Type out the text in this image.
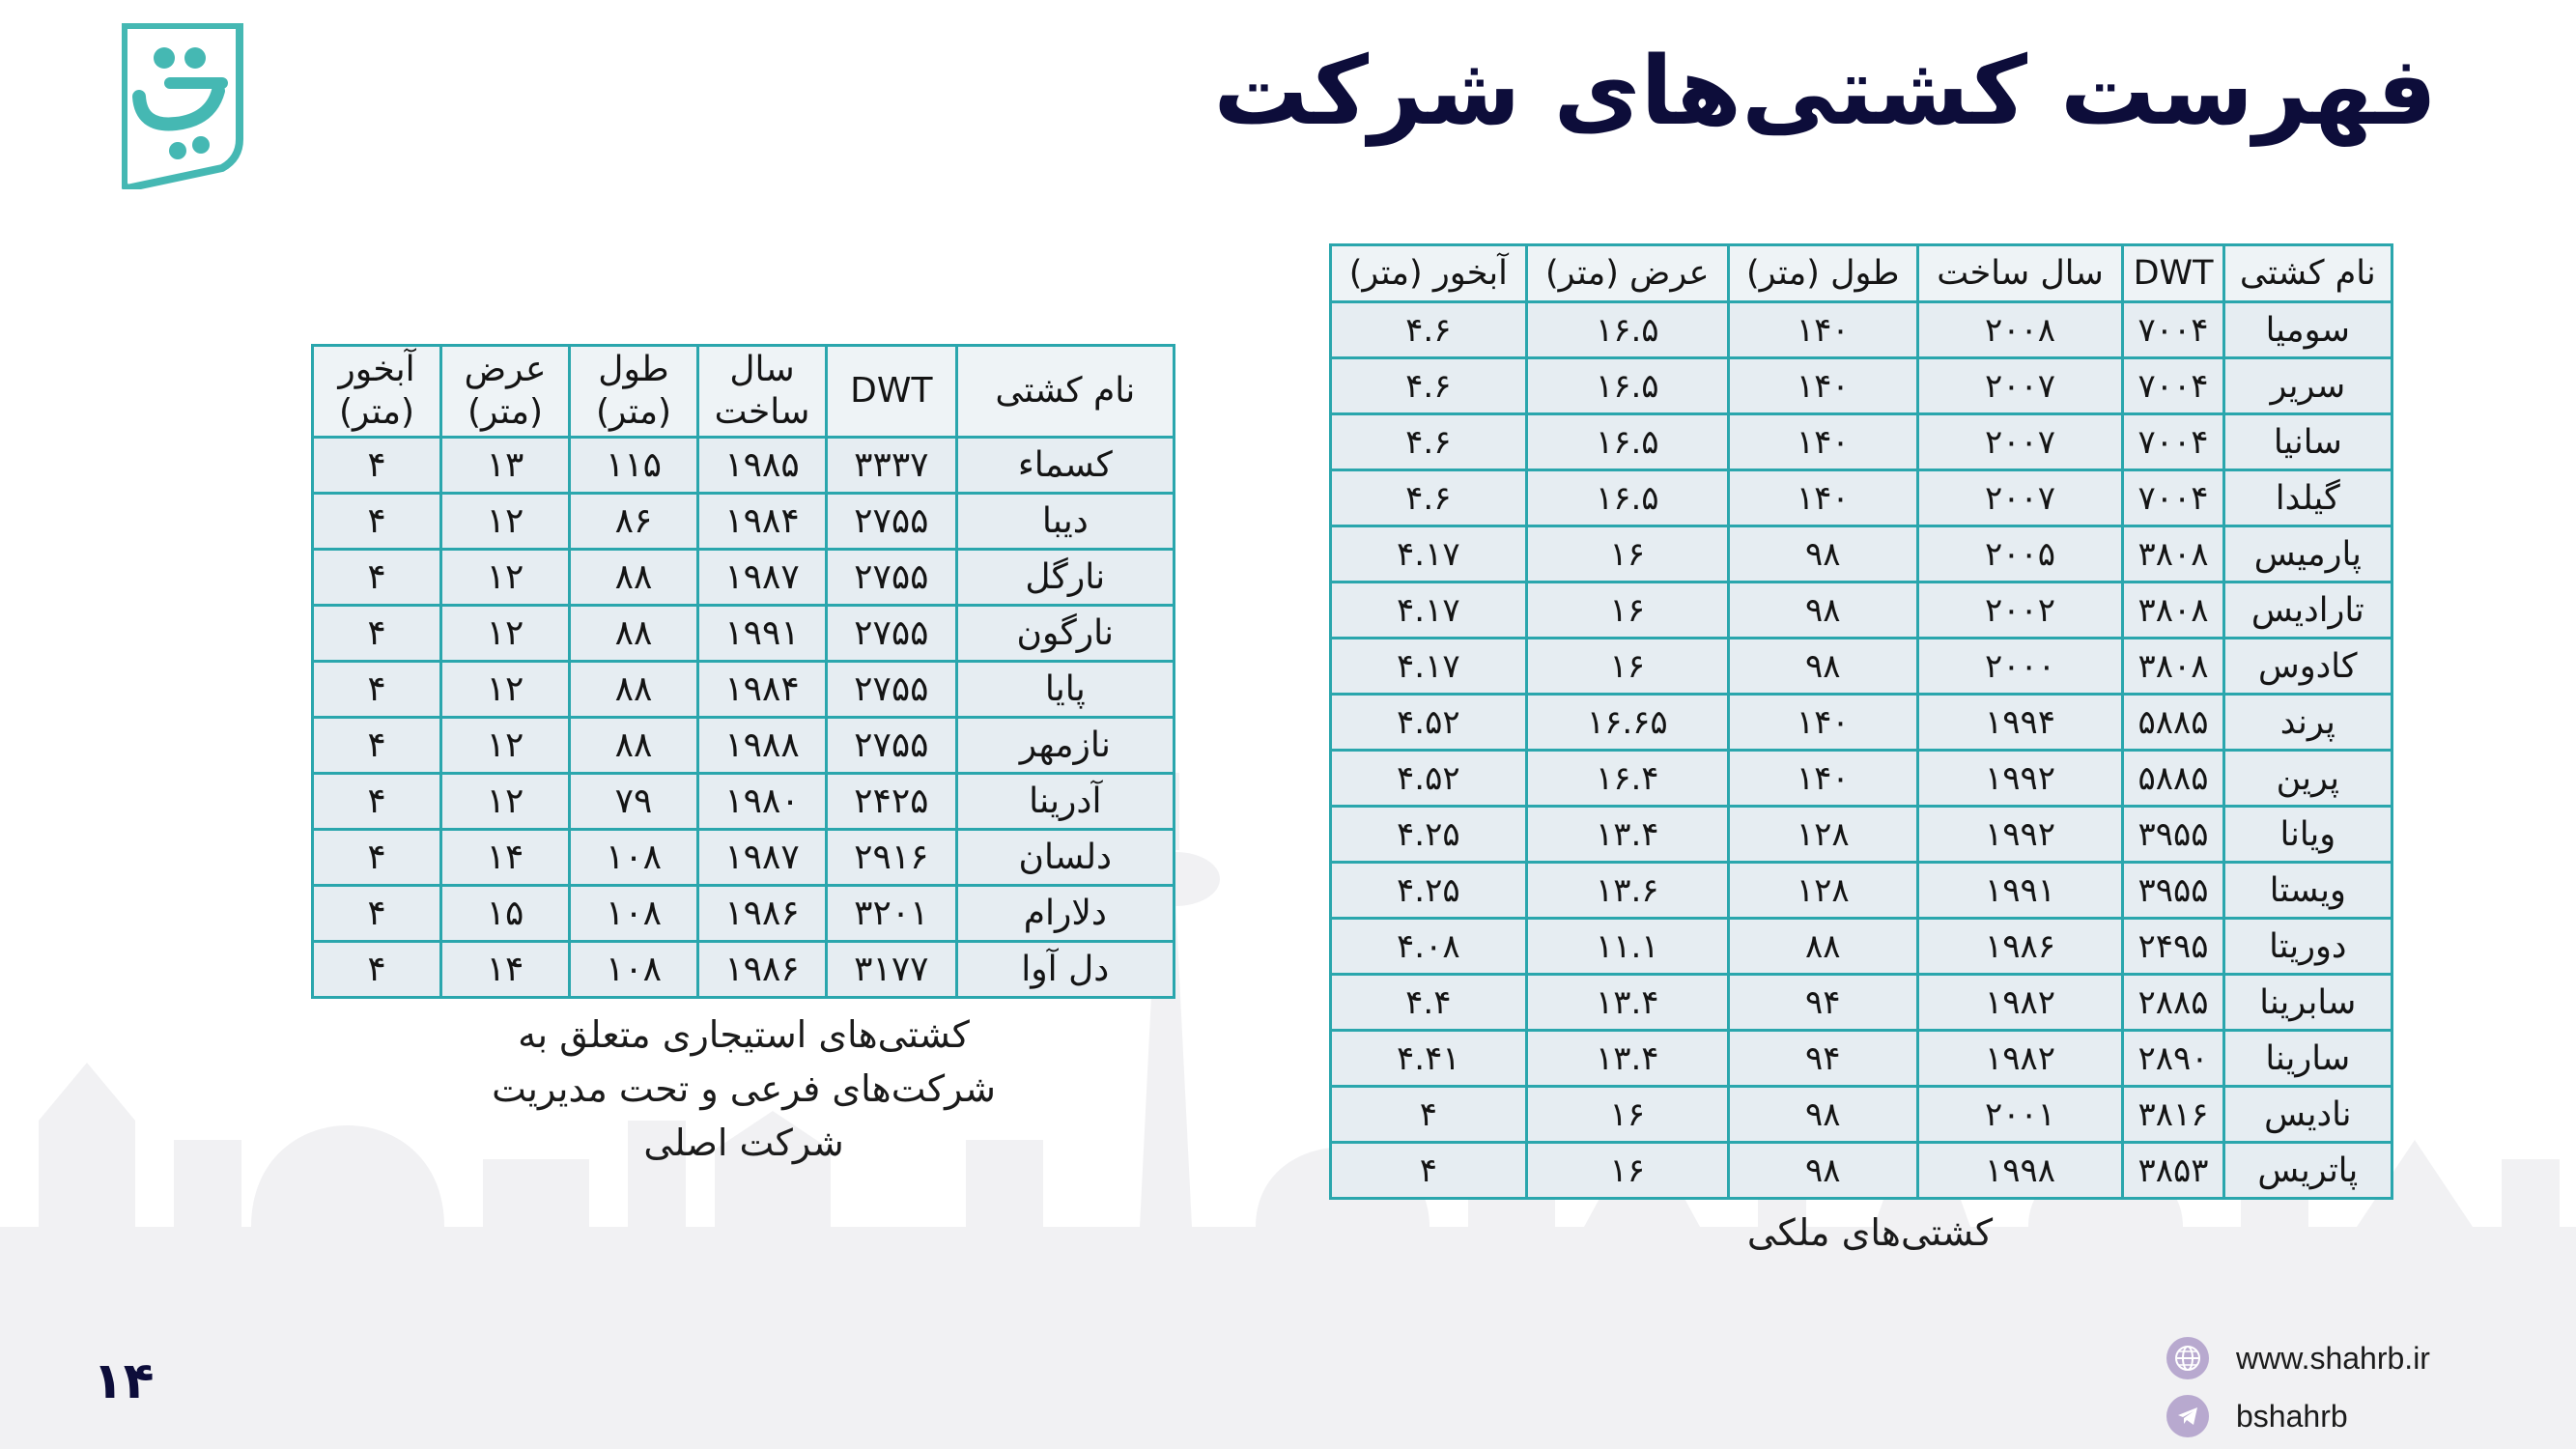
فهرست کشتی‌های شرکت
نام کشتی	DWT	سال ساخت	طول (متر)	عرض (متر)	آبخور (متر)
سومیا	۷۰۰۴	۲۰۰۸	۱۴۰	۱۶.۵	۴.۶
سریر	۷۰۰۴	۲۰۰۷	۱۴۰	۱۶.۵	۴.۶
سانیا	۷۰۰۴	۲۰۰۷	۱۴۰	۱۶.۵	۴.۶
گیلدا	۷۰۰۴	۲۰۰۷	۱۴۰	۱۶.۵	۴.۶
پارمیس	۳۸۰۸	۲۰۰۵	۹۸	۱۶	۴.۱۷
تارادیس	۳۸۰۸	۲۰۰۲	۹۸	۱۶	۴.۱۷
کادوس	۳۸۰۸	۲۰۰۰	۹۸	۱۶	۴.۱۷
پرند	۵۸۸۵	۱۹۹۴	۱۴۰	۱۶.۶۵	۴.۵۲
پرین	۵۸۸۵	۱۹۹۲	۱۴۰	۱۶.۴	۴.۵۲
ویانا	۳۹۵۵	۱۹۹۲	۱۲۸	۱۳.۴	۴.۲۵
ویستا	۳۹۵۵	۱۹۹۱	۱۲۸	۱۳.۶	۴.۲۵
دوریتا	۲۴۹۵	۱۹۸۶	۸۸	۱۱.۱	۴.۰۸
سابرینا	۲۸۸۵	۱۹۸۲	۹۴	۱۳.۴	۴.۴
سارینا	۲۸۹۰	۱۹۸۲	۹۴	۱۳.۴	۴.۴۱
نادیس	۳۸۱۶	۲۰۰۱	۹۸	۱۶	۴
پاتریس	۳۸۵۳	۱۹۹۸	۹۸	۱۶	۴
نام کشتی	DWT	سال ساخت	طول (متر)	عرض (متر)	آبخور (متر)
کسماء	۳۳۳۷	۱۹۸۵	۱۱۵	۱۳	۴
دیبا	۲۷۵۵	۱۹۸۴	۸۶	۱۲	۴
نارگل	۲۷۵۵	۱۹۸۷	۸۸	۱۲	۴
نارگون	۲۷۵۵	۱۹۹۱	۸۸	۱۲	۴
پایا	۲۷۵۵	۱۹۸۴	۸۸	۱۲	۴
نازمهر	۲۷۵۵	۱۹۸۸	۸۸	۱۲	۴
آدرینا	۲۴۲۵	۱۹۸۰	۷۹	۱۲	۴
دلسان	۲۹۱۶	۱۹۸۷	۱۰۸	۱۴	۴
دلارام	۳۲۰۱	۱۹۸۶	۱۰۸	۱۵	۴
دل آوا	۳۱۷۷	۱۹۸۶	۱۰۸	۱۴	۴
کشتی‌های استیجاری متعلق به
شرکت‌های فرعی و تحت مدیریت
شرکت اصلی
کشتی‌های ملکی
۱۴	www.shahrb.ir
bshahrb
